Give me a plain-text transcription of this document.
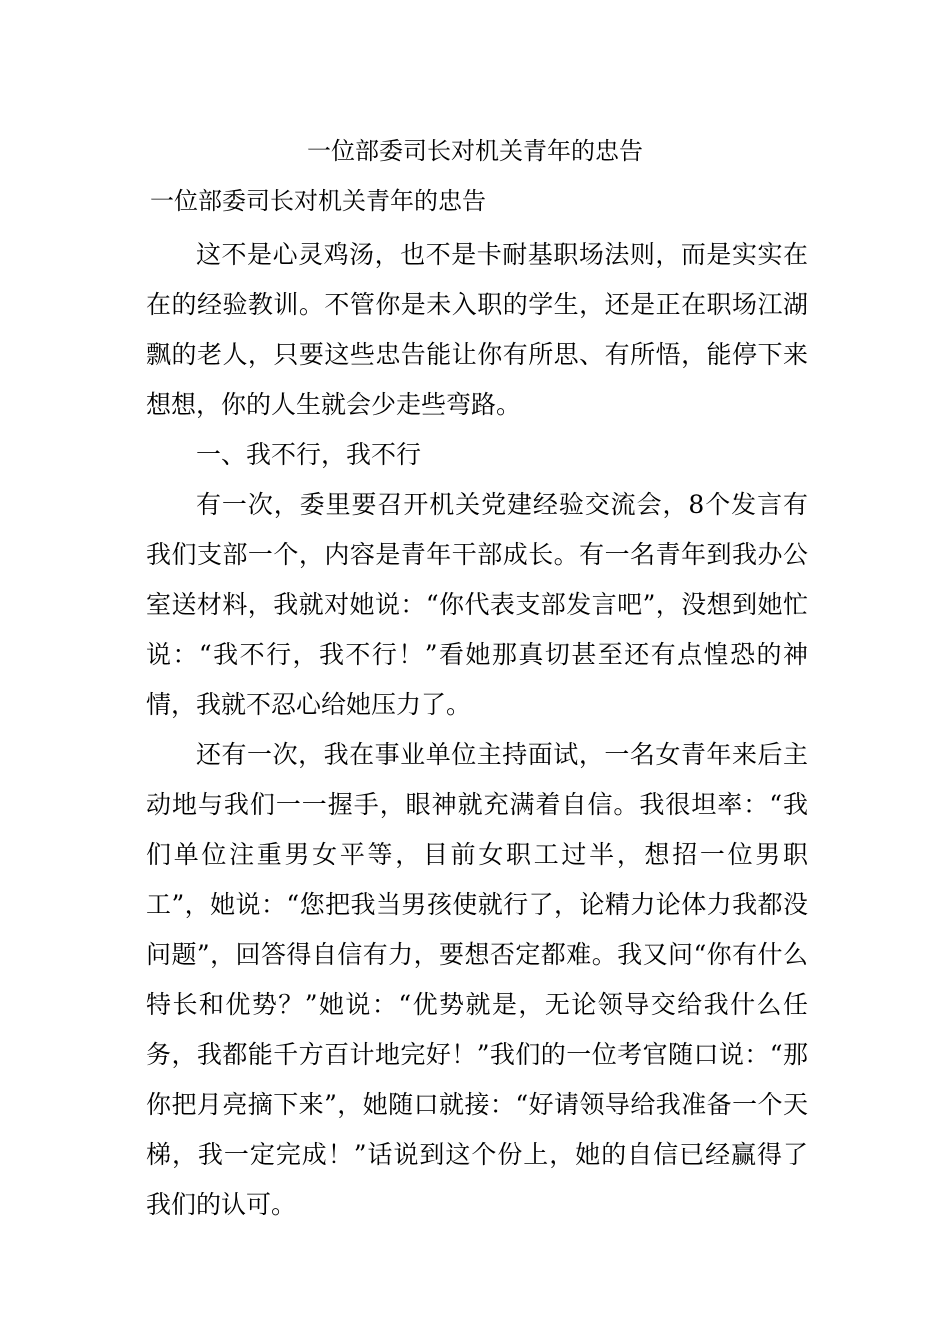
一位部委司长对机关青年的忠告
一位部委司长对机关青年的忠告

这不是心灵鸡汤，也不是卡耐基职场法则，而是实实在在的经验教训。不管你是未入职的学生，还是正在职场江湖飘的老人，只要这些忠告能让你有所思、有所悟，能停下来想想，你的人生就会少走些弯路。

一、我不行，我不行

有一次，委里要召开机关党建经验交流会，8个发言有我们支部一个，内容是青年干部成长。有一名青年到我办公室送材料，我就对她说：“你代表支部发言吧”，没想到她忙说：“我不行，我不行！”看她那真切甚至还有点惶恐的神情，我就不忍心给她压力了。

还有一次，我在事业单位主持面试，一名女青年来后主动地与我们一一握手，眼神就充满着自信。我很坦率：“我们单位注重男女平等，目前女职工过半，想招一位男职工”，她说：“您把我当男孩使就行了，论精力论体力我都没问题”，回答得自信有力，要想否定都难。我又问“你有什么特长和优势？”她说：“优势就是，无论领导交给我什么任务，我都能千方百计地完好！”我们的一位考官随口说：“那你把月亮摘下来”，她随口就接：“好请领导给我准备一个天梯，我一定完成！”话说到这个份上，她的自信已经赢得了我们的认可。
